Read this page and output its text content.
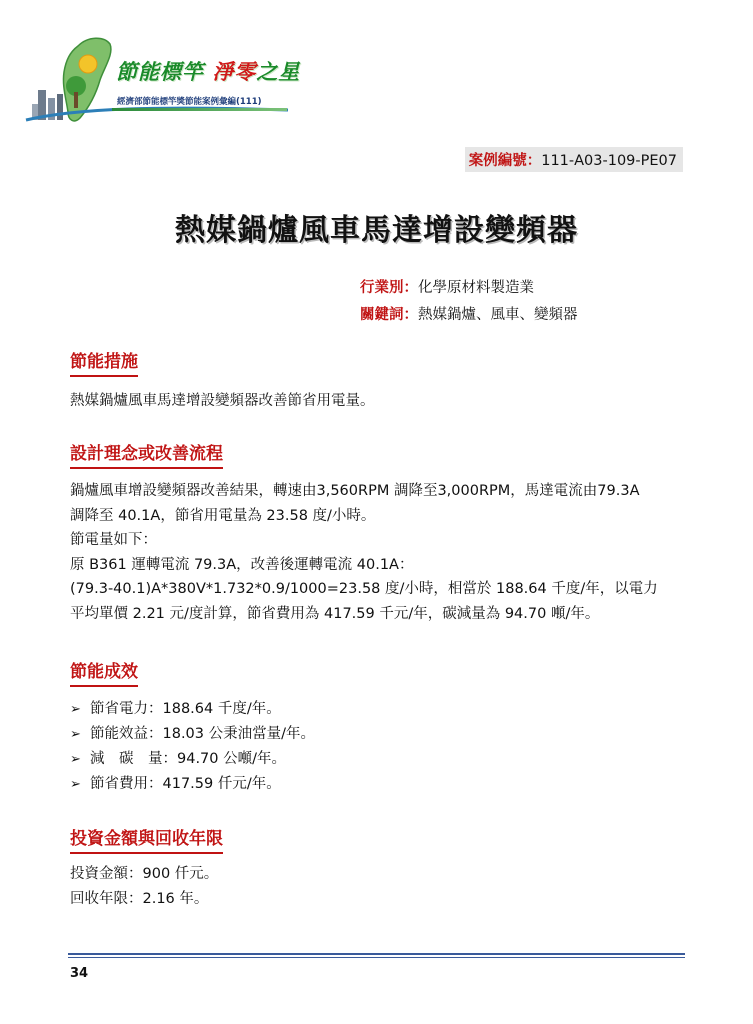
節能標竿 淨零之星
經濟部節能標竿獎節能案例彙編(111)
案例編號：111-A03-109-PE07
熱媒鍋爐風車馬達增設變頻器
行業別：化學原材料製造業
關鍵詞：熱媒鍋爐、風車、變頻器
節能措施
熱媒鍋爐風車馬達增設變頻器改善節省用電量。
設計理念或改善流程
鍋爐風車增設變頻器改善結果，轉速由3,560RPM 調降至3,000RPM，馬達電流由79.3A
調降至 40.1A，節省用電量為 23.58 度/小時。
節電量如下：
原 B361 運轉電流 79.3A，改善後運轉電流 40.1A：
(79.3-40.1)A*380V*1.732*0.9/1000=23.58 度/小時，相當於 188.64 千度/年，以電力
平均單價 2.21 元/度計算，節省費用為 417.59 千元/年，碳減量為 94.70 噸/年。
節能成效
➢ 節省電力：188.64 千度/年。
➢ 節能效益：18.03 公秉油當量/年。
➢ 減　碳　量：94.70 公噸/年。
➢ 節省費用：417.59 仟元/年。
投資金額與回收年限
投資金額：900 仟元。
回收年限：2.16 年。
34
